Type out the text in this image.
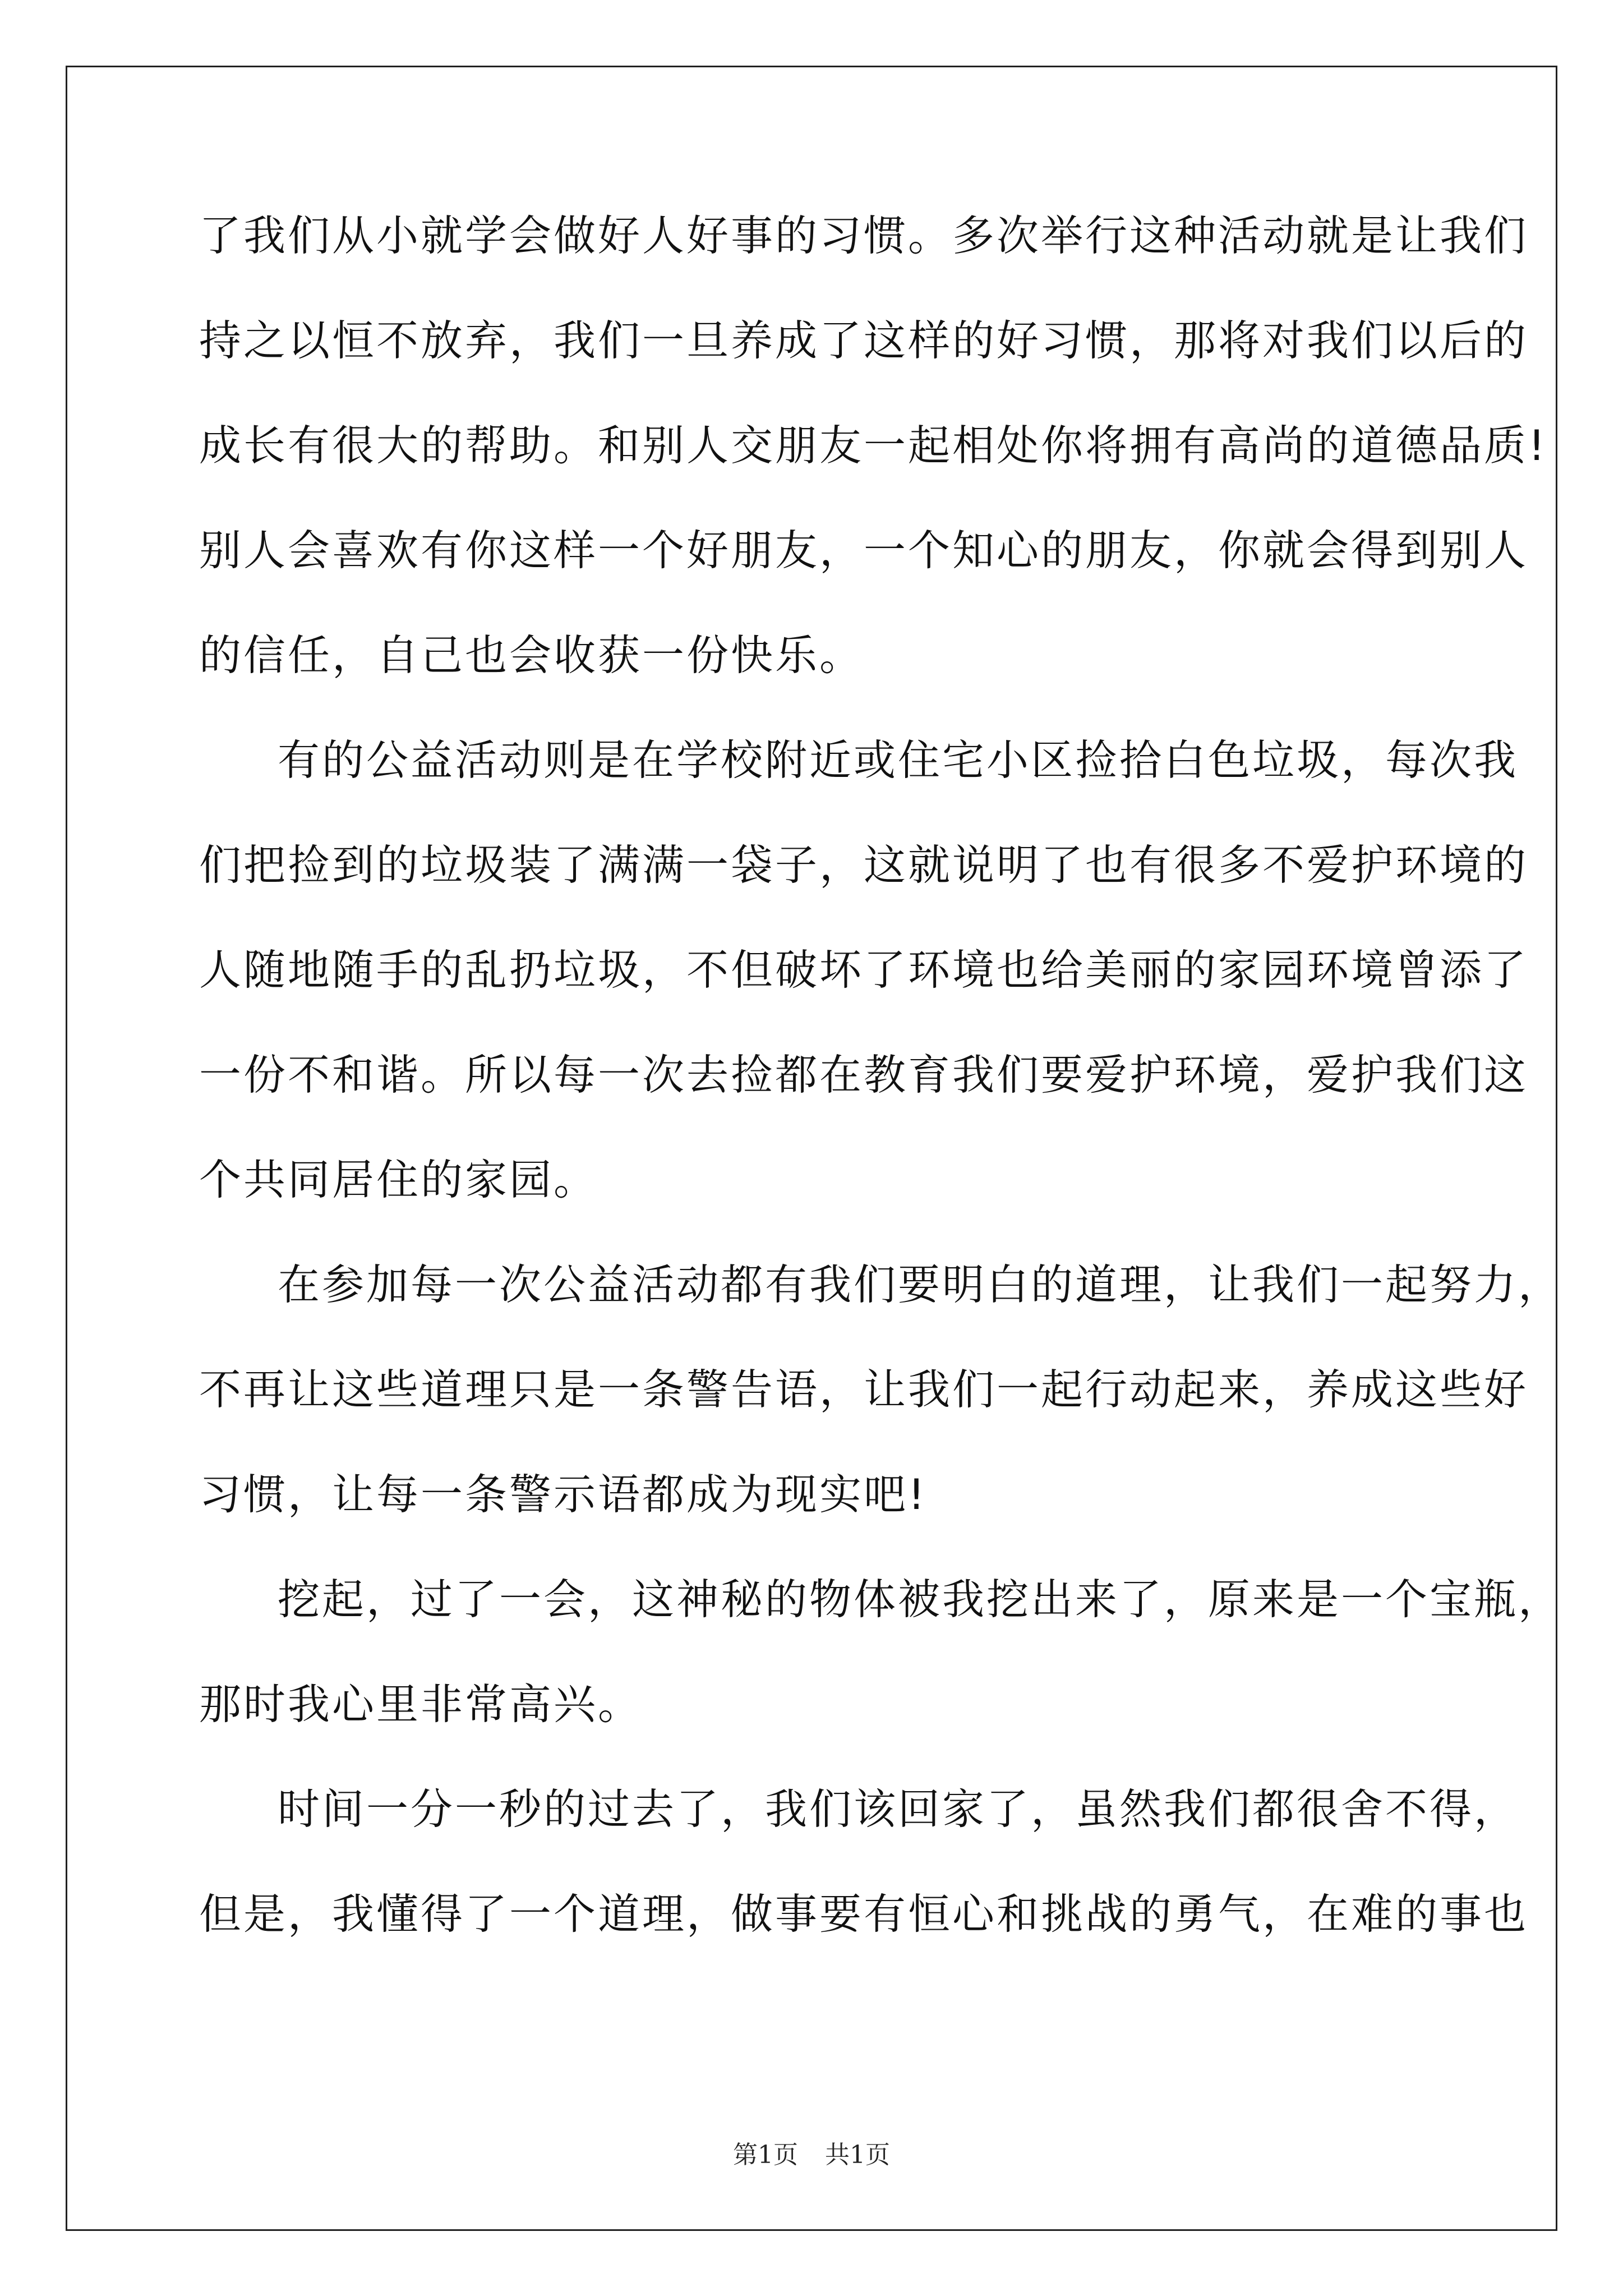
了我们从小就学会做好人好事的习惯。多次举行这种活动就是让我们
持之以恒不放弃，我们一旦养成了这样的好习惯，那将对我们以后的
成长有很大的帮助。和别人交朋友一起相处你将拥有高尚的道德品质!
别人会喜欢有你这样一个好朋友，一个知心的朋友，你就会得到别人
的信任，自己也会收获一份快乐。
有的公益活动则是在学校附近或住宅小区捡拾白色垃圾，每次我
们把捡到的垃圾装了满满一袋子，这就说明了也有很多不爱护环境的
人随地随手的乱扔垃圾，不但破坏了环境也给美丽的家园环境曾添了
一份不和谐。所以每一次去捡都在教育我们要爱护环境，爱护我们这
个共同居住的家园。
在参加每一次公益活动都有我们要明白的道理，让我们一起努力，
不再让这些道理只是一条警告语，让我们一起行动起来，养成这些好
习惯，让每一条警示语都成为现实吧!
挖起，过了一会，这神秘的物体被我挖出来了，原来是一个宝瓶，
那时我心里非常高兴。
时间一分一秒的过去了，我们该回家了，虽然我们都很舍不得，
但是，我懂得了一个道理，做事要有恒心和挑战的勇气，在难的事也
第1页 共1页
